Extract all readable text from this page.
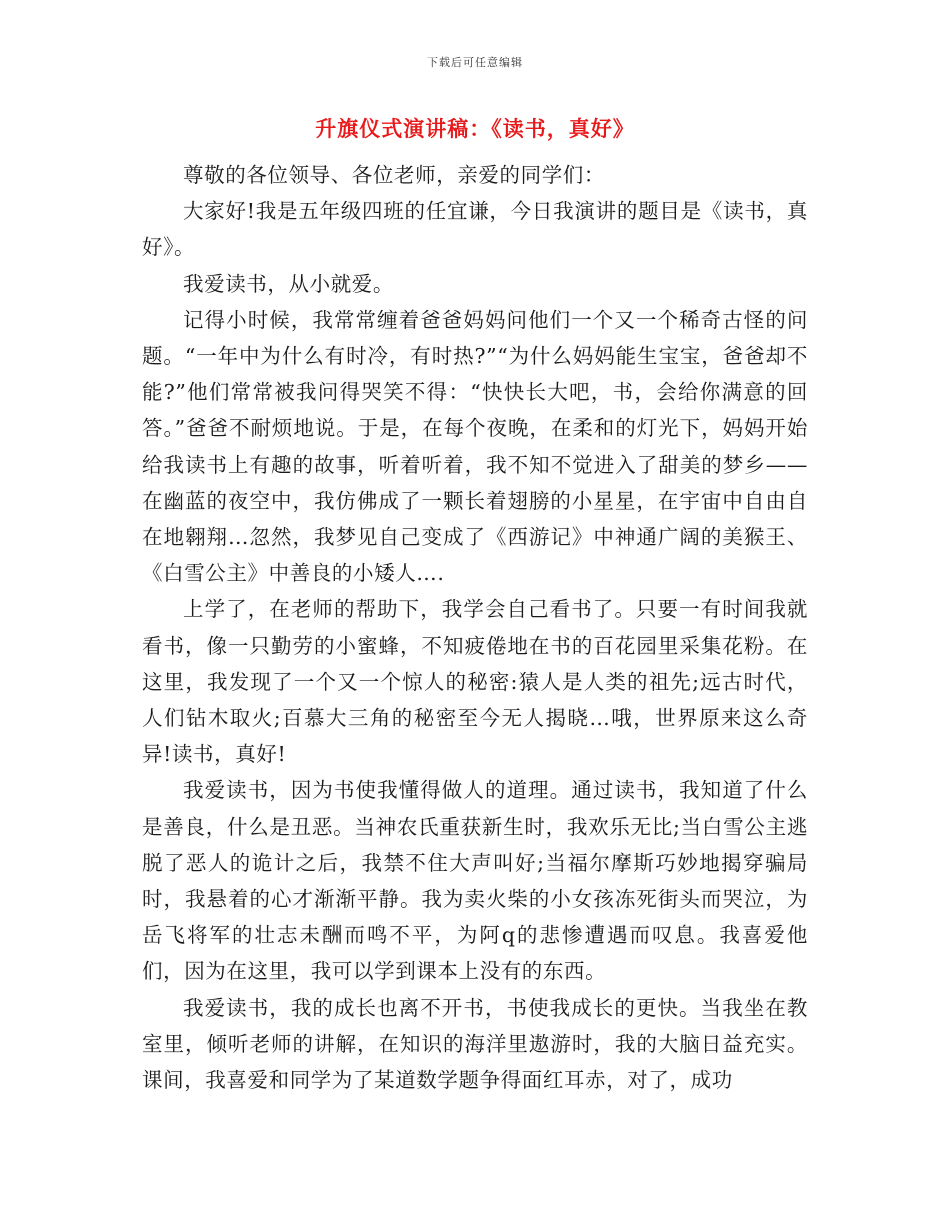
下载后可任意编辑
升旗仪式演讲稿：《读书，真好》

尊敬的各位领导、各位老师，亲爱的同学们：

大家好!我是五年级四班的任宜谦，今日我演讲的题目是《读书，真好》。

我爱读书，从小就爱。

记得小时候，我常常缠着爸爸妈妈问他们一个又一个稀奇古怪的问题。“一年中为什么有时冷，有时热?”“为什么妈妈能生宝宝，爸爸却不能?”他们常常被我问得哭笑不得：“快快长大吧，书，会给你满意的回答。”爸爸不耐烦地说。于是，在每个夜晚，在柔和的灯光下，妈妈开始给我读书上有趣的故事，听着听着，我不知不觉进入了甜美的梦乡——在幽蓝的夜空中，我仿佛成了一颗长着翅膀的小星星，在宇宙中自由自在地翱翔…忽然，我梦见自己变成了《西游记》中神通广阔的美猴王、《白雪公主》中善良的小矮人….

上学了，在老师的帮助下，我学会自己看书了。只要一有时间我就看书，像一只勤劳的小蜜蜂，不知疲倦地在书的百花园里采集花粉。在这里，我发现了一个又一个惊人的秘密:猿人是人类的祖先;远古时代，人们钻木取火;百慕大三角的秘密至今无人揭晓…哦，世界原来这么奇异!读书，真好!

我爱读书，因为书使我懂得做人的道理。通过读书，我知道了什么是善良，什么是丑恶。当神农氏重获新生时，我欢乐无比;当白雪公主逃脱了恶人的诡计之后，我禁不住大声叫好;当福尔摩斯巧妙地揭穿骗局时，我悬着的心才渐渐平静。我为卖火柴的小女孩冻死街头而哭泣，为岳飞将军的壮志未酬而鸣不平，为阿q的悲惨遭遇而叹息。我喜爱他们，因为在这里，我可以学到课本上没有的东西。

我爱读书，我的成长也离不开书，书使我成长的更快。当我坐在教室里，倾听老师的讲解，在知识的海洋里遨游时，我的大脑日益充实。课间，我喜爱和同学为了某道数学题争得面红耳赤，对了，成功
